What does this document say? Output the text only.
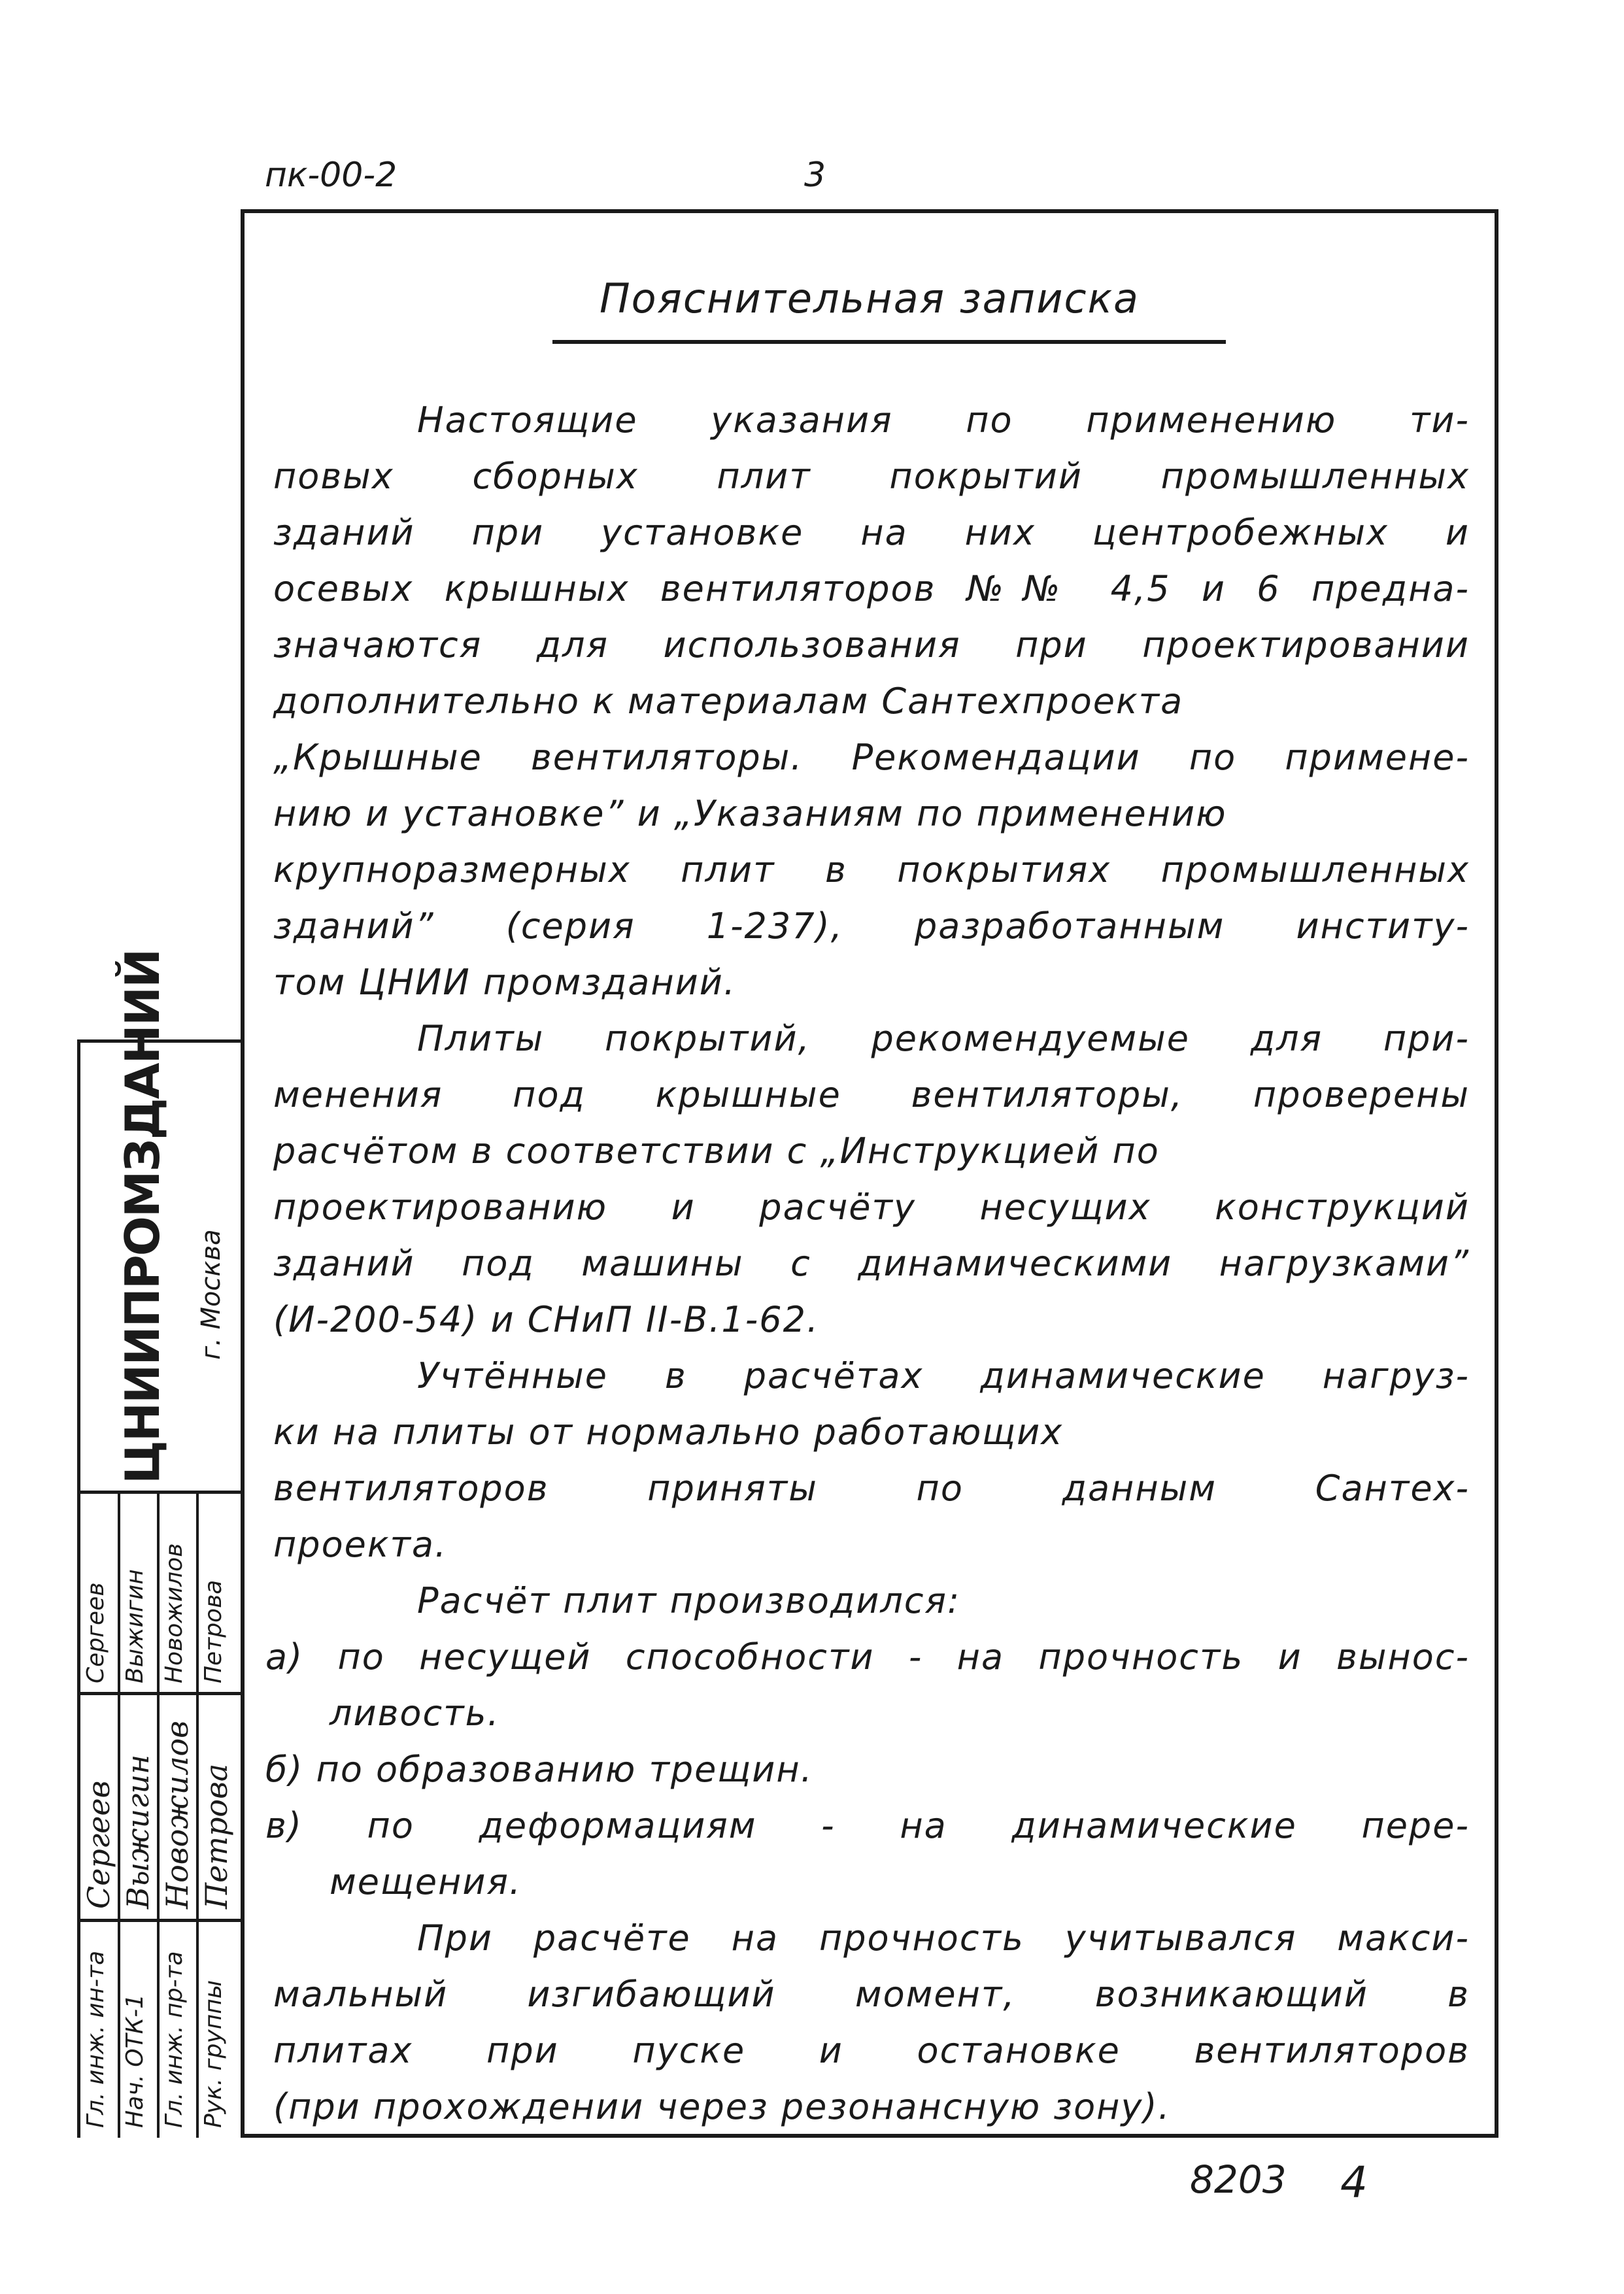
пк-00-2	3
Пояснительная записка
Настоящие указания по применению ти-
повых сборных плит покрытий промышленных
зданий при установке на них центробежных и
осевых крышных вентиляторов №№ 4,5 и 6 предна-
значаются для использования при проектировании
дополнительно к материалам Сантехпроекта
„Крышные вентиляторы. Рекомендации по примене-
нию и установке” и „Указаниям по применению
крупноразмерных плит в покрытиях промышленных
зданий” (серия 1-237), разработанным институ-
том ЦНИИ промзданий.
Плиты покрытий, рекомендуемые для при-
менения под крышные вентиляторы, проверены
расчётом в соответствии с „Инструкцией по
проектированию и расчёту несущих конструкций
зданий под машины с динамическими нагрузками”
(И-200-54) и СНиП II-В.1-62.
Учтённые в расчётах динамические нагруз-
ки на плиты от нормально работающих
вентиляторов приняты по данным Сантех-
проекта.
Расчёт плит производился:
а) по несущей способности - на прочность и вынос-
ливость.
б) по образованию трещин.
в) по деформациям - на динамические пере-
мещения.
При расчёте на прочность учитывался макси-
мальный изгибающий момент, возникающий в
плитах при пуске и остановке вентиляторов
(при прохождении через резонансную зону).
ЦНИИПРОМЗДАНИЙ г. Москва
Гл. инж. ин-та Нач. ОТК-1 Гл. инж. пр-та Рук. группы
Сергеев Выжигин Новожилов Петрова
Сергеев Выжигин Новожилов Петрова
8203 4
